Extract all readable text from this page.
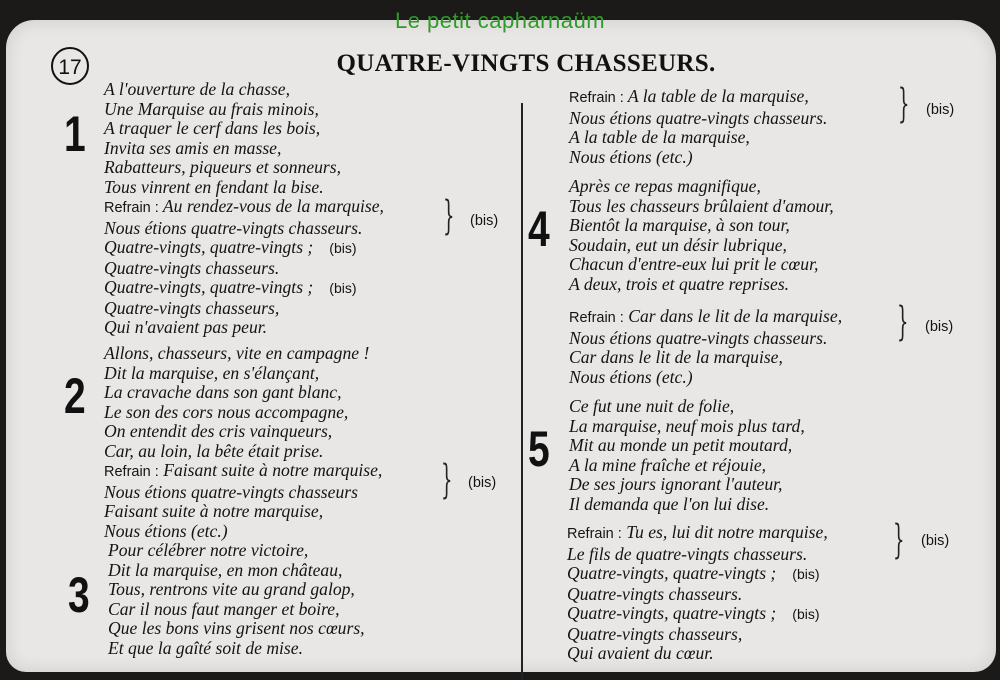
Le petit capharnaüm
17	QUATRE-VINGTS CHASSEURS.
1
A l'ouverture de la chasse,
Une Marquise au frais minois,
A traquer le cerf dans les bois,
Invita ses amis en masse,
Rabatteurs, piqueurs et sonneurs,
Tous vinrent en fendant la bise.
Refrain : Au rendez-vous de la marquise,
Nous étions quatre-vingts chasseurs.
Quatre-vingts, quatre-vingts ; (bis)
Quatre-vingts chasseurs.
Quatre-vingts, quatre-vingts ; (bis)
Quatre-vingts chasseurs,
Qui n'avaient pas peur.
} (bis)
2
Allons, chasseurs, vite en campagne !
Dit la marquise, en s'élançant,
La cravache dans son gant blanc,
Le son des cors nous accompagne,
On entendit des cris vainqueurs,
Car, au loin, la bête était prise.
Refrain : Faisant suite à notre marquise,
Nous étions quatre-vingts chasseurs
Faisant suite à notre marquise,
Nous étions (etc.)
} (bis)
3
Pour célébrer notre victoire,
Dit la marquise, en mon château,
Tous, rentrons vite au grand galop,
Car il nous faut manger et boire,
Que les bons vins grisent nos cœurs,
Et que la gaîté soit de mise.
Refrain : A la table de la marquise,
Nous étions quatre-vingts chasseurs.
A la table de la marquise,
Nous étions (etc.)
} (bis)
4
Après ce repas magnifique,
Tous les chasseurs brûlaient d'amour,
Bientôt la marquise, à son tour,
Soudain, eut un désir lubrique,
Chacun d'entre-eux lui prit le cœur,
A deux, trois et quatre reprises.
Refrain : Car dans le lit de la marquise,
Nous étions quatre-vingts chasseurs.
Car dans le lit de la marquise,
Nous étions (etc.)
} (bis)
5
Ce fut une nuit de folie,
La marquise, neuf mois plus tard,
Mit au monde un petit moutard,
A la mine fraîche et réjouie,
De ses jours ignorant l'auteur,
Il demanda que l'on lui dise.
Refrain : Tu es, lui dit notre marquise,
Le fils de quatre-vingts chasseurs.
Quatre-vingts, quatre-vingts ; (bis)
Quatre-vingts chasseurs.
Quatre-vingts, quatre-vingts ; (bis)
Quatre-vingts chasseurs,
Qui avaient du cœur.
} (bis)
